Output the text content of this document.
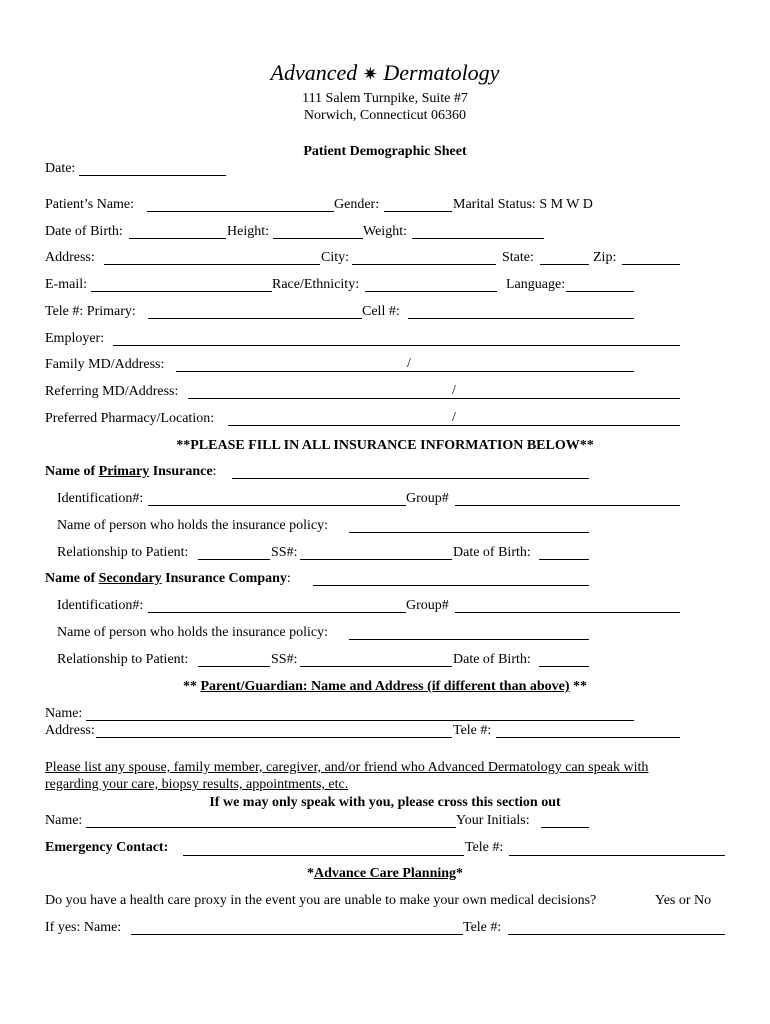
Advanced ✷ Dermatology
111 Salem Turnpike, Suite #7
Norwich, Connecticut 06360
Patient Demographic Sheet
Date:
Patient’s Name:	Gender:	Marital Status: S M W D
Date of Birth:	Height:	Weight:
Address:	City:	State:	Zip:
E-mail:	Race/Ethnicity:	Language:
Tele #: Primary:	Cell #:
Employer:
Family MD/Address:	/
Referring MD/Address:	/
Preferred Pharmacy/Location:	/
**PLEASE FILL IN ALL INSURANCE INFORMATION BELOW**
Name of Primary Insurance:
Identification#:	Group#
Name of person who holds the insurance policy:
Relationship to Patient:	SS#:	Date of Birth:
Name of Secondary Insurance Company:
Identification#:	Group#
Name of person who holds the insurance policy:
Relationship to Patient:	SS#:	Date of Birth:
** Parent/Guardian: Name and Address (if different than above) **
Name:
Address:	Tele #:
Please list any spouse, family member, caregiver, and/or friend who Advanced Dermatology can speak with
regarding your care, biopsy results, appointments, etc.
If we may only speak with you, please cross this section out
Name:	Your Initials:
Emergency Contact:	Tele #:
*Advance Care Planning*
Do you have a health care proxy in the event you are unable to make your own medical decisions?	Yes or No
If yes: Name:	Tele #:
